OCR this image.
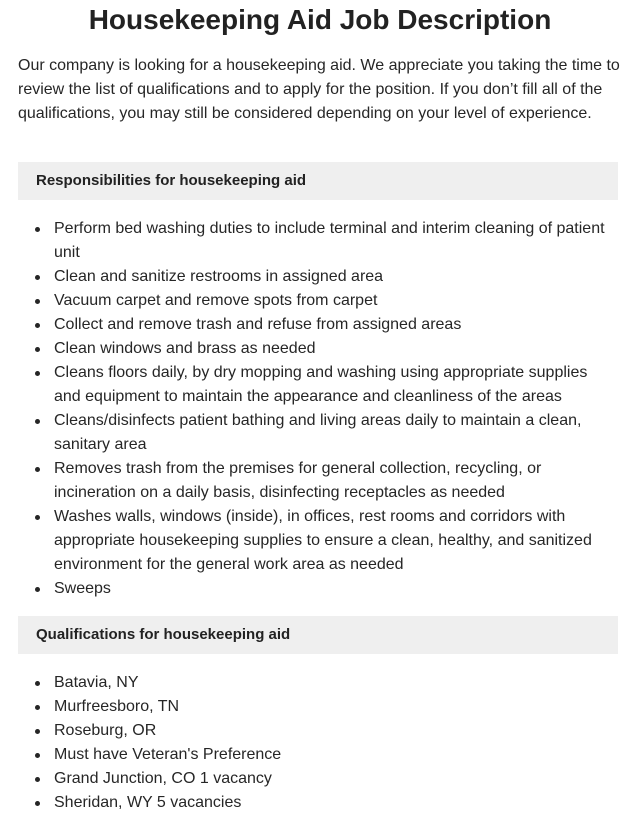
Housekeeping Aid Job Description

Our company is looking for a housekeeping aid. We appreciate you taking the time to review the list of qualifications and to apply for the position. If you don’t fill all of the qualifications, you may still be considered depending on your level of experience.

Responsibilities for housekeeping aid
Perform bed washing duties to include terminal and interim cleaning of patient unit
Clean and sanitize restrooms in assigned area
Vacuum carpet and remove spots from carpet
Collect and remove trash and refuse from assigned areas
Clean windows and brass as needed
Cleans floors daily, by dry mopping and washing using appropriate supplies and equipment to maintain the appearance and cleanliness of the areas
Cleans/disinfects patient bathing and living areas daily to maintain a clean, sanitary area
Removes trash from the premises for general collection, recycling, or incineration on a daily basis, disinfecting receptacles as needed
Washes walls, windows (inside), in offices, rest rooms and corridors with appropriate housekeeping supplies to ensure a clean, healthy, and sanitized environment for the general work area as needed
Sweeps
Qualifications for housekeeping aid
Batavia, NY
Murfreesboro, TN
Roseburg, OR
Must have Veteran's Preference
Grand Junction, CO 1 vacancy
Sheridan, WY 5 vacancies
